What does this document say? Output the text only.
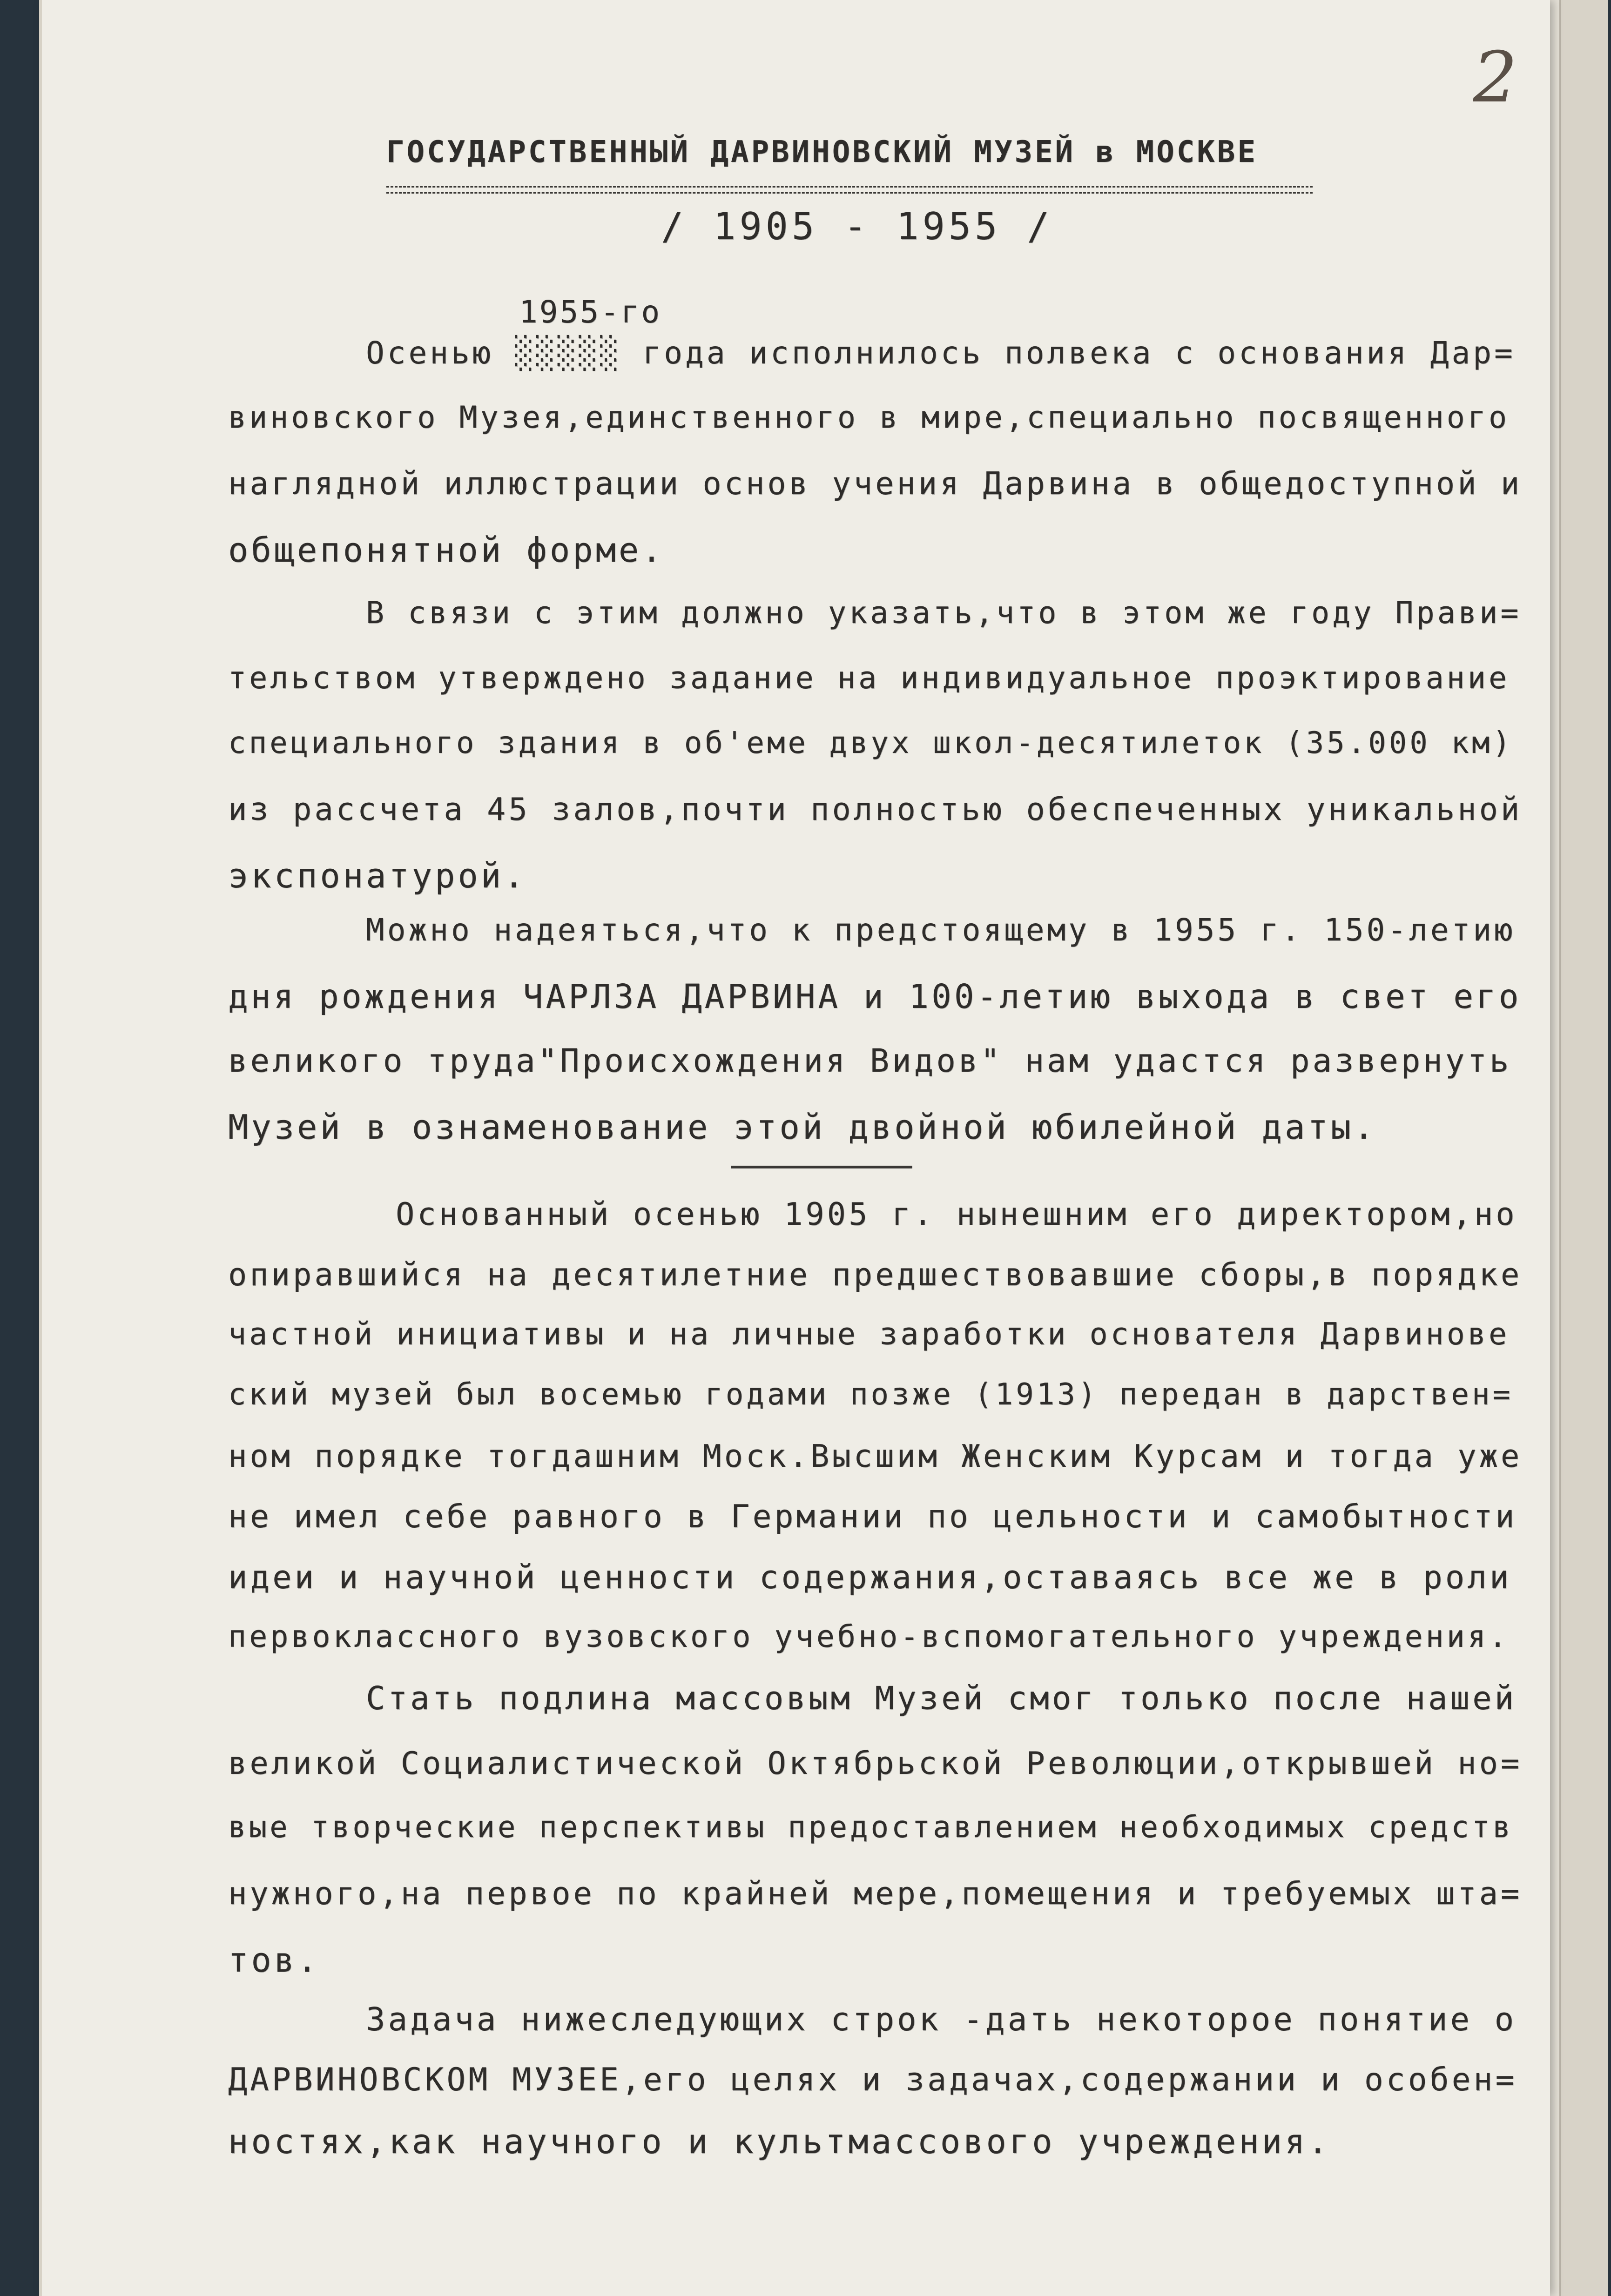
2
ГОСУДАРСТВЕННЫЙ ДАРВИНОВСКИЙ МУЗЕЙ в МОСКВЕ
/ 1905 - 1955 /
1955-го
Осенью ░░░░░ года исполнилось полвека с основания Дар=
виновского Музея,единственного в мире,специально посвященного
наглядной иллюстрации основ учения Дарвина в общедоступной и
общепонятной форме.
В связи с этим должно указать,что в этом же году Прави=
тельством утверждено задание на индивидуальное проэктирование
специального здания в об'еме двух школ-десятилеток (35.000 км)
из рассчета 45 залов,почти полностью обеспеченных уникальной
экспонатурой.
Можно надеяться,что к предстоящему в 1955 г. 150-летию
дня рождения ЧАРЛЗА ДАРВИНА и 100-летию выхода в свет его
великого труда"Происхождения Видов" нам удастся развернуть
Музей в ознаменование этой двойной юбилейной даты.
Основанный осенью 1905 г. нынешним его директором,но
опиравшийся на десятилетние предшествовавшие сборы,в порядке
частной инициативы и на личные заработки основателя Дарвинове
ский музей был восемью годами позже (1913) передан в дарствен=
ном порядке тогдашним Моск.Высшим Женским Курсам и тогда уже
не имел себе равного в Германии по цельности и самобытности
идеи и научной ценности содержания,оставаясь все же в роли
первоклассного вузовского учебно-вспомогательного учреждения.
Стать подлина массовым Музей смог только после нашей
великой Социалистической Октябрьской Революции,открывшей но=
вые творческие перспективы предоставлением необходимых средств
нужного,на первое по крайней мере,помещения и требуемых шта=
тов.
Задача нижеследующих строк -дать некоторое понятие о
ДАРВИНОВСКОМ МУЗЕЕ,его целях и задачах,содержании и особен=
ностях,как научного и культмассового учреждения.
